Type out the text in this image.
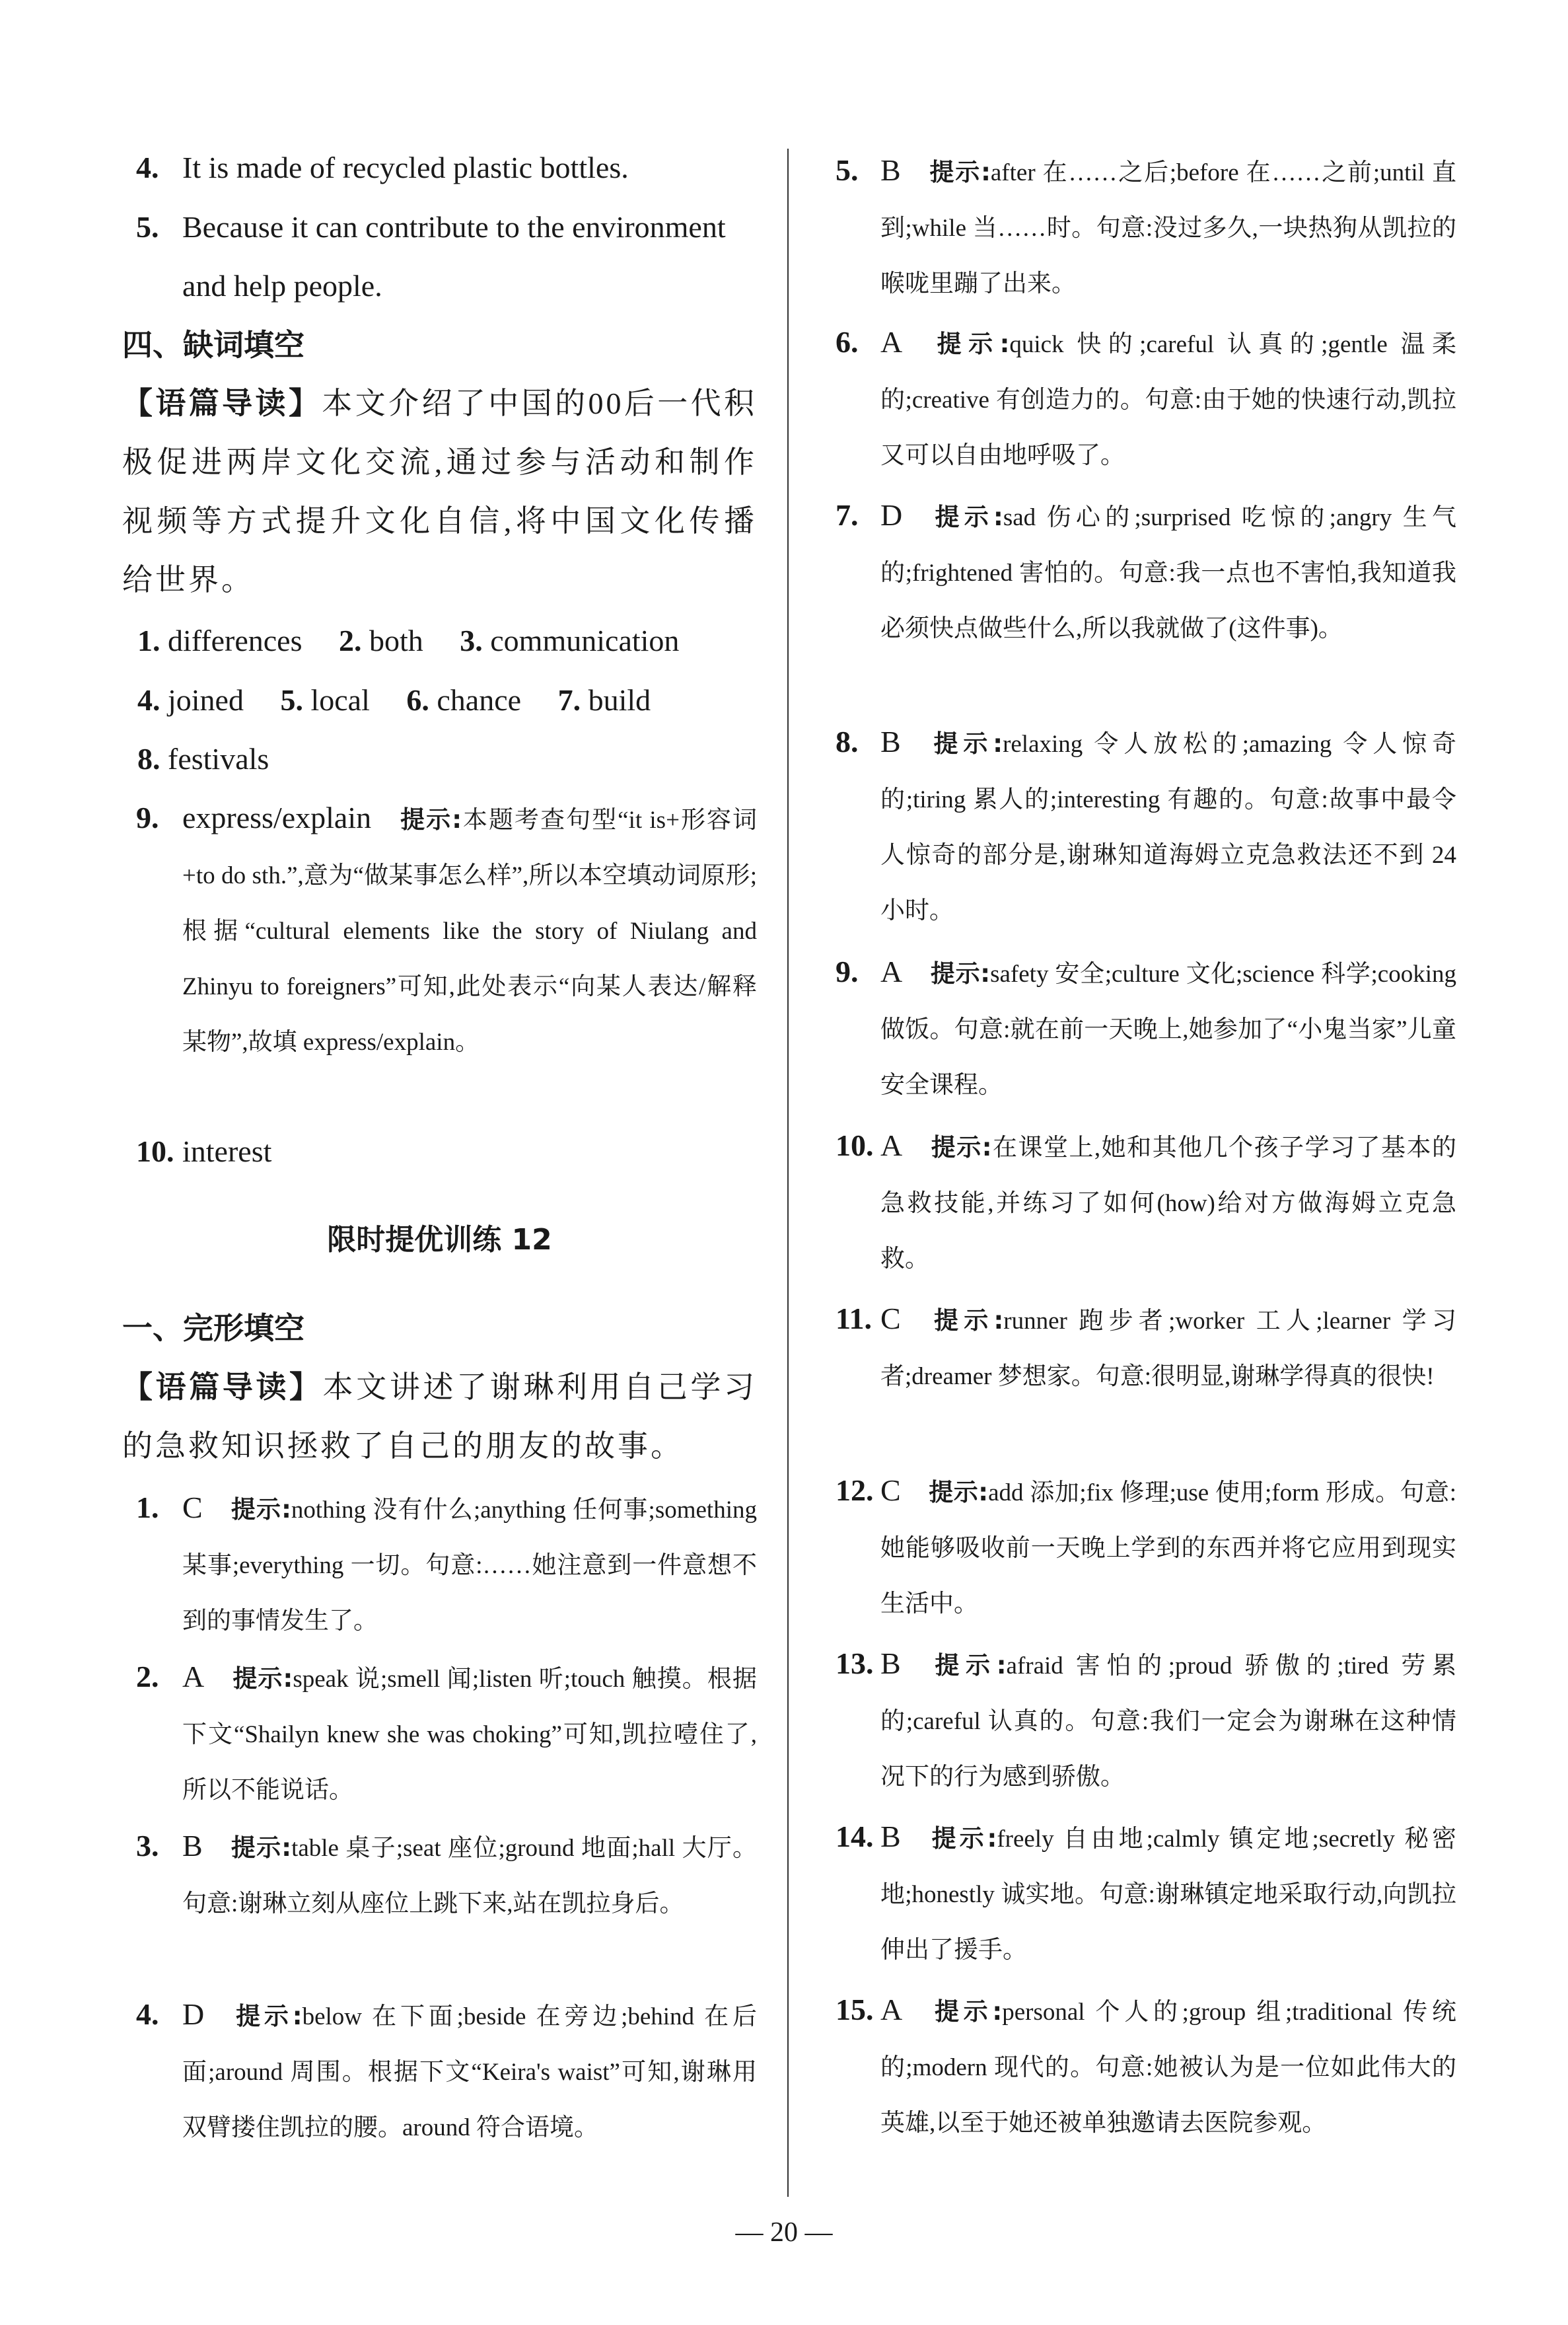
4. It is made of recycled plastic bottles.
5. Because it can contribute to the environment and help people.
四、缺词填空
【语篇导读】本文介绍了中国的00后一代积极促进两岸文化交流,通过参与活动和制作视频等方式提升文化自信,将中国文化传播给世界。
1. differences 2. both 3. communication
4. joined 5. local 6. chance 7. build
8. festivals
9. express/explain 提示:本题考查句型“it is+形容词+to do sth.”,意为“做某事怎么样”,所以本空填动词原形;根据“cultural elements like the story of Niulang and Zhinyu to foreigners”可知,此处表示“向某人表达/解释某物”,故填 express/explain。
10. interest
限时提优训练 12
一、完形填空
【语篇导读】本文讲述了谢琳利用自己学习的急救知识拯救了自己的朋友的故事。
1. C 提示:nothing 没有什么;anything 任何事;something 某事;everything 一切。句意:……她注意到一件意想不到的事情发生了。
2. A 提示:speak 说;smell 闻;listen 听;touch 触摸。根据下文“Shailyn knew she was choking”可知,凯拉噎住了,所以不能说话。
3. B 提示:table 桌子;seat 座位;ground 地面;hall 大厅。句意:谢琳立刻从座位上跳下来,站在凯拉身后。
4. D 提示:below 在下面;beside 在旁边;behind 在后面;around 周围。根据下文“Keira's waist”可知,谢琳用双臂搂住凯拉的腰。around 符合语境。
5. B 提示:after 在……之后;before 在……之前;until 直到;while 当……时。句意:没过多久,一块热狗从凯拉的喉咙里蹦了出来。
6. A 提示:quick 快的;careful 认真的;gentle 温柔的;creative 有创造力的。句意:由于她的快速行动,凯拉又可以自由地呼吸了。
7. D 提示:sad 伤心的;surprised 吃惊的;angry 生气的;frightened 害怕的。句意:我一点也不害怕,我知道我必须快点做些什么,所以我就做了(这件事)。
8. B 提示:relaxing 令人放松的;amazing 令人惊奇的;tiring 累人的;interesting 有趣的。句意:故事中最令人惊奇的部分是,谢琳知道海姆立克急救法还不到 24 小时。
9. A 提示:safety 安全;culture 文化;science 科学;cooking 做饭。句意:就在前一天晚上,她参加了“小鬼当家”儿童安全课程。
10. A 提示:在课堂上,她和其他几个孩子学习了基本的急救技能,并练习了如何(how)给对方做海姆立克急救。
11. C 提示:runner 跑步者;worker 工人;learner 学习者;dreamer 梦想家。句意:很明显,谢琳学得真的很快!
12. C 提示:add 添加;fix 修理;use 使用;form 形成。句意:她能够吸收前一天晚上学到的东西并将它应用到现实生活中。
13. B 提示:afraid 害怕的;proud 骄傲的;tired 劳累的;careful 认真的。句意:我们一定会为谢琳在这种情况下的行为感到骄傲。
14. B 提示:freely 自由地;calmly 镇定地;secretly 秘密地;honestly 诚实地。句意:谢琳镇定地采取行动,向凯拉伸出了援手。
15. A 提示:personal 个人的;group 组;traditional 传统的;modern 现代的。句意:她被认为是一位如此伟大的英雄,以至于她还被单独邀请去医院参观。
— 20 —
